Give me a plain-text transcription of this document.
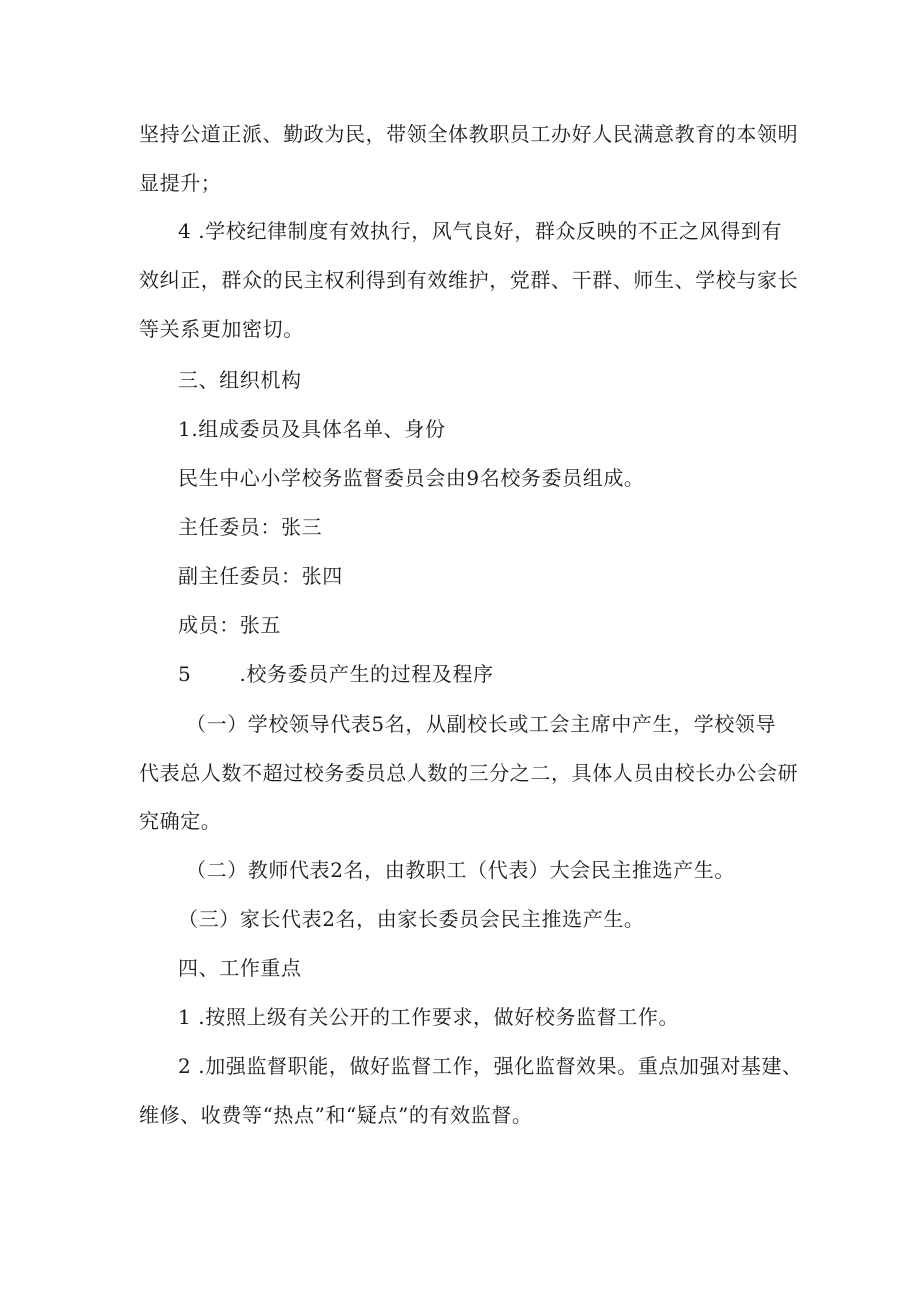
坚持公道正派、勤政为民，带领全体教职员工办好人民满意教育的本领明
显提升；
4 .学校纪律制度有效执行，风气良好，群众反映的不正之风得到有
效纠正，群众的民主权利得到有效维护，党群、干群、师生、学校与家长
等关系更加密切。
三、组织机构
1.组成委员及具体名单、身份
民生中心小学校务监督委员会由9名校务委员组成。
主任委员：张三
副主任委员：张四
成员：张五
5 　　.校务委员产生的过程及程序
（一）学校领导代表5名，从副校长或工会主席中产生，学校领导
代表总人数不超过校务委员总人数的三分之二，具体人员由校长办公会研
究确定。
（二）教师代表2名，由教职工（代表）大会民主推选产生。
（三）家长代表2名，由家长委员会民主推选产生。
四、工作重点
1 .按照上级有关公开的工作要求，做好校务监督工作。
2 .加强监督职能，做好监督工作，强化监督效果。重点加强对基建、
维修、收费等“热点”和“疑点”的有效监督。
